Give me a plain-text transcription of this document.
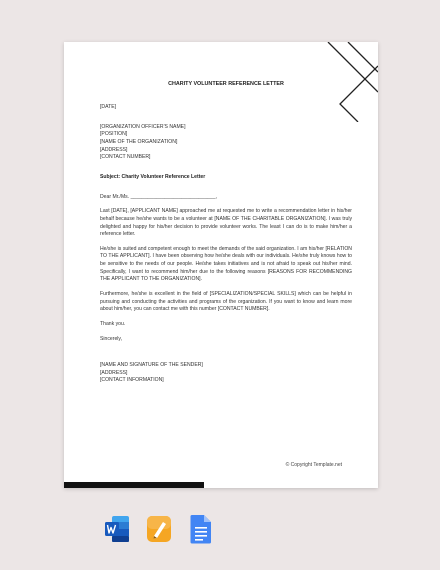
CHARITY VOLUNTEER REFERENCE LETTER
[DATE]
[ORGANIZATION OFFICER'S NAME]
[POSITION]
[NAME OF THE ORGANIZATION]
[ADDRESS]
[CONTACT NUMBER]
Subject: Charity Volunteer Reference Letter
Dear Mr./Ms. ______________________________,
Last [DATE], [APPLICANT NAME] approached me at requested me to write a recommendation letter in his/her behalf because he/she wants to be a volunteer at [NAME OF THE CHARITABLE ORGANIZATION]. I was truly delighted and happy for his/her decision to provide volunteer works. The least I can do is to make him/her a reference letter.
He/she is suited and competent enough to meet the demands of the said organization. I am his/her [RELATION TO THE APPLICANT]. I have been observing how he/she deals with our individuals. He/she truly knows how to be sensitive to the needs of our people. He/she takes initiatives and is not afraid to speak out his/her mind. Specifically, I want to recommend him/her due to the following reasons [REASONS FOR RECOMMENDING THE APPLICANT TO THE ORGANIZATION].
Furthermore, he/she is excellent in the field of [SPECIALIZATION/SPECIAL SKILLS] which can be helpful in pursuing and conducting the activities and programs of the organization. If you want to know and learn more about him/her, you can contact me with this number [CONTACT NUMBER].
Thank you.
Sincerely,
[NAME AND SIGNATURE OF THE SENDER]
[ADDRESS]
[CONTACT INFORMATION]
© Copyright Template.net
